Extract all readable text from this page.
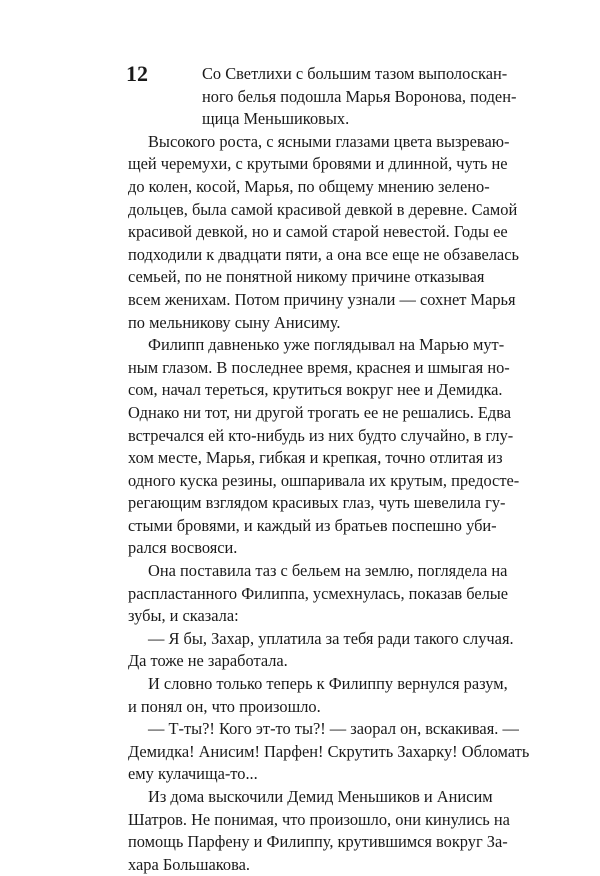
12	Со Светлихи с большим тазом выполоскан-
ного белья подошла Марья Воронова, поден-
щица Меньшиковых.
Высокого роста, с ясными глазами цвета вызреваю-
щей черемухи, с крутыми бровями и длинной, чуть не
до колен, косой, Марья, по общему мнению зелено-
дольцев, была самой красивой девкой в деревне. Самой
красивой девкой, но и самой старой невестой. Годы ее
подходили к двадцати пяти, а она все еще не обзавелась
семьей, по не понятной никому причине отказывая
всем женихам. Потом причину узнали — сохнет Марья
по мельникову сыну Анисиму.
Филипп давненько уже поглядывал на Марью мут-
ным глазом. В последнее время, краснея и шмыгая но-
сом, начал тереться, крутиться вокруг нее и Демидка.
Однако ни тот, ни другой трогать ее не решались. Едва
встречался ей кто-нибудь из них будто случайно, в глу-
хом месте, Марья, гибкая и крепкая, точно отлитая из
одного куска резины, ошпаривала их крутым, предосте-
регающим взглядом красивых глаз, чуть шевелила гу-
стыми бровями, и каждый из братьев поспешно уби-
рался восвояси.
Она поставила таз с бельем на землю, поглядела на
распластанного Филиппа, усмехнулась, показав белые
зубы, и сказала:
— Я бы, Захар, уплатила за тебя ради такого случая.
Да тоже не заработала.
И словно только теперь к Филиппу вернулся разум,
и понял он, что произошло.
— Т-ты?! Кого эт-то ты?! — заорал он, вскакивая. —
Демидка! Анисим! Парфен! Скрутить Захарку! Обломать
ему кулачища-то...
Из дома выскочили Демид Меньшиков и Анисим
Шатров. Не понимая, что произошло, они кинулись на
помощь Парфену и Филиппу, крутившимся вокруг За-
хара Большакова.
